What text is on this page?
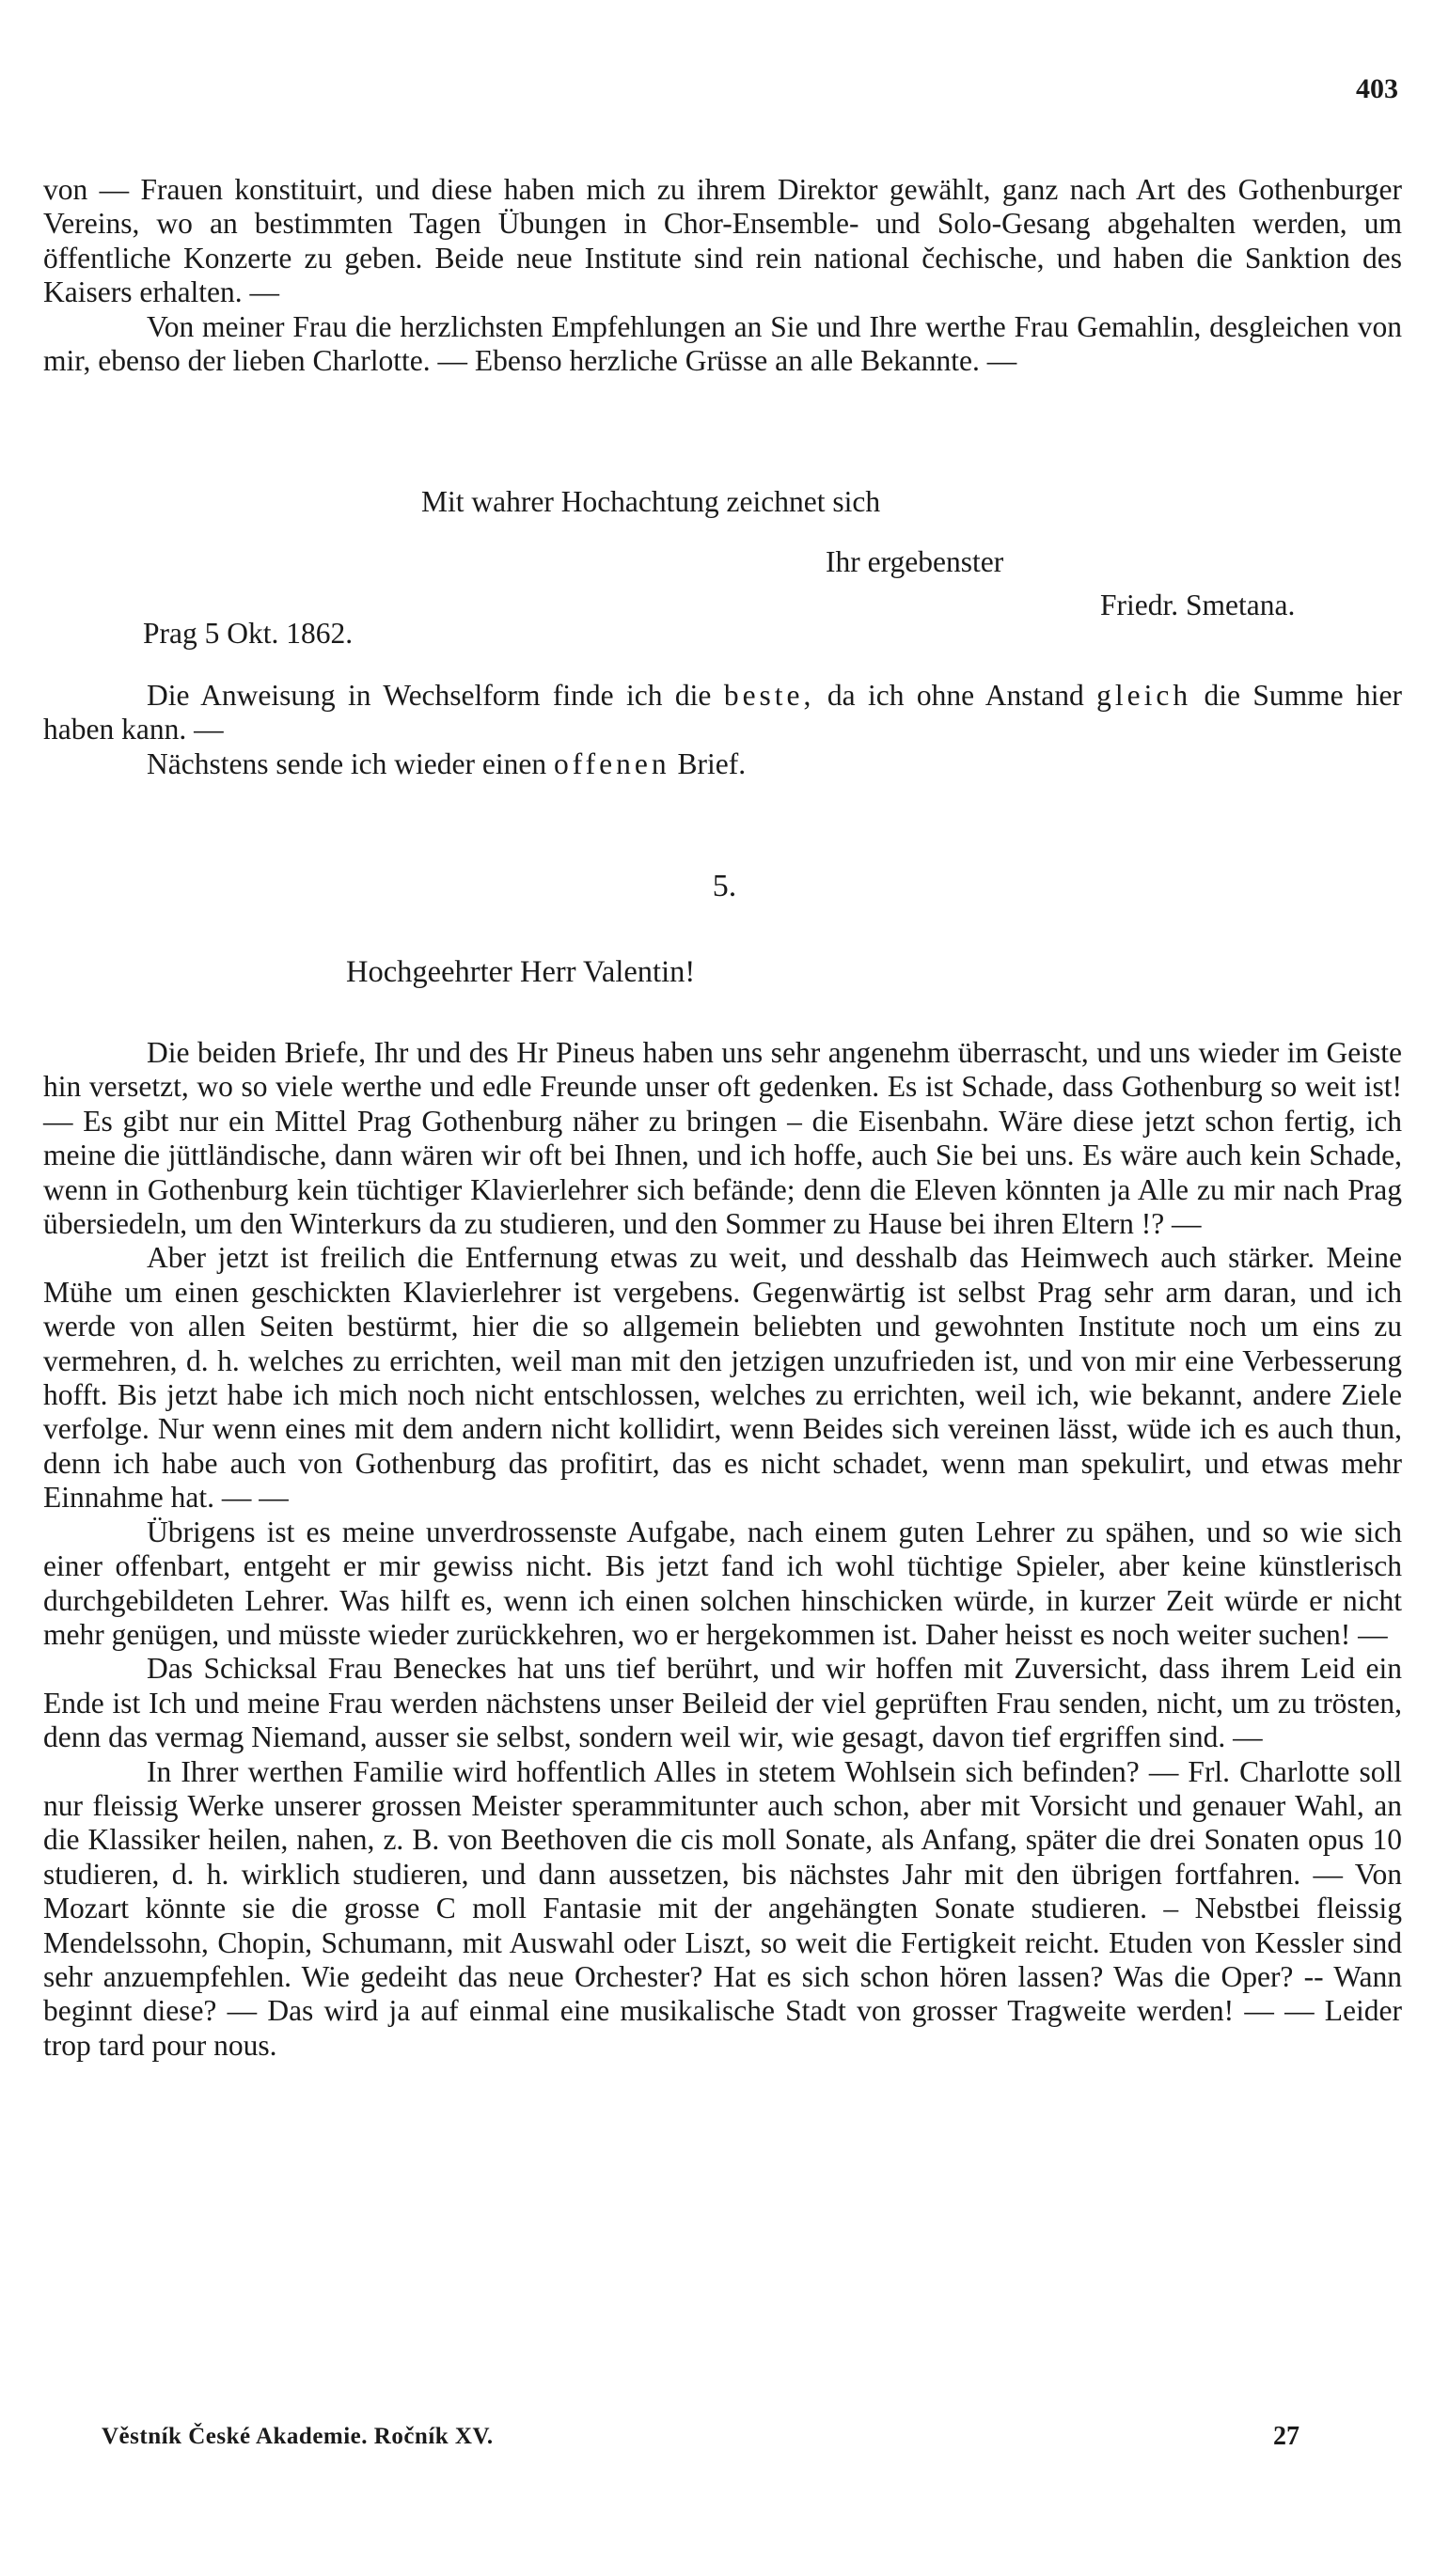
403

von — Frauen konstituirt, und diese haben mich zu ihrem Direktor gewählt, ganz nach Art des Gothenburger Vereins, wo an bestimmten Tagen Übungen in Chor-Ensemble- und Solo-Gesang abgehalten werden, um öffentliche Konzerte zu geben. Beide neue Institute sind rein national čechische, und haben die Sanktion des Kaisers erhalten. —

Von meiner Frau die herzlichsten Empfehlungen an Sie und Ihre werthe Frau Gemahlin, desgleichen von mir, ebenso der lieben Charlotte. — Ebenso herzliche Grüsse an alle Bekannte. —

Mit wahrer Hochachtung zeichnet sich
Ihr ergebenster
Friedr. Smetana.
Prag 5 Okt. 1862.

Die Anweisung in Wechselform finde ich die beste, da ich ohne Anstand gleich die Summe hier haben kann. —

Nächstens sende ich wieder einen offenen Brief.

5.
Hochgeehrter Herr Valentin!

Die beiden Briefe, Ihr und des Hr Pineus haben uns sehr angenehm überrascht, und uns wieder im Geiste hin versetzt, wo so viele werthe und edle Freunde unser oft gedenken. Es ist Schade, dass Gothenburg so weit ist! — Es gibt nur ein Mittel Prag Gothenburg näher zu bringen – die Eisenbahn. Wäre diese jetzt schon fertig, ich meine die jüttländische, dann wären wir oft bei Ihnen, und ich hoffe, auch Sie bei uns. Es wäre auch kein Schade, wenn in Gothenburg kein tüchtiger Klavierlehrer sich befände; denn die Eleven könnten ja Alle zu mir nach Prag übersiedeln, um den Winterkurs da zu studieren, und den Sommer zu Hause bei ihren Eltern !? —

Aber jetzt ist freilich die Entfernung etwas zu weit, und desshalb das Heimwech auch stärker. Meine Mühe um einen geschickten Klavierlehrer ist vergebens. Gegenwärtig ist selbst Prag sehr arm daran, und ich werde von allen Seiten bestürmt, hier die so allgemein beliebten und gewohnten Institute noch um eins zu vermehren, d. h. welches zu errichten, weil man mit den jetzigen unzufrieden ist, und von mir eine Verbesserung hofft. Bis jetzt habe ich mich noch nicht entschlossen, welches zu errichten, weil ich, wie bekannt, andere Ziele verfolge. Nur wenn eines mit dem andern nicht kollidirt, wenn Beides sich vereinen lässt, wüde ich es auch thun, denn ich habe auch von Gothenburg das profitirt, das es nicht schadet, wenn man spekulirt, und etwas mehr Einnahme hat. — —

Übrigens ist es meine unverdrossenste Aufgabe, nach einem guten Lehrer zu spähen, und so wie sich einer offenbart, entgeht er mir gewiss nicht. Bis jetzt fand ich wohl tüchtige Spieler, aber keine künstlerisch durchgebildeten Lehrer. Was hilft es, wenn ich einen solchen hinschicken würde, in kurzer Zeit würde er nicht mehr genügen, und müsste wieder zurückkehren, wo er hergekommen ist. Daher heisst es noch weiter suchen! —

Das Schicksal Frau Beneckes hat uns tief berührt, und wir hoffen mit Zuversicht, dass ihrem Leid ein Ende ist Ich und meine Frau werden nächstens unser Beileid der viel geprüften Frau senden, nicht, um zu trösten, denn das vermag Niemand, ausser sie selbst, sondern weil wir, wie gesagt, davon tief ergriffen sind. —

In Ihrer werthen Familie wird hoffentlich Alles in stetem Wohlsein sich befinden? — Frl. Charlotte soll nur fleissig Werke unserer grossen Meister sperammitunter auch schon, aber mit Vorsicht und genauer Wahl, an die Klassiker heilen, nahen, z. B. von Beethoven die cis moll Sonate, als Anfang, später die drei Sonaten opus 10 studieren, d. h. wirklich studieren, und dann aussetzen, bis nächstes Jahr mit den übrigen fortfahren. — Von Mozart könnte sie die grosse C moll Fantasie mit der angehängten Sonate studieren. – Nebstbei fleissig Mendelssohn, Chopin, Schumann, mit Auswahl oder Liszt, so weit die Fertigkeit reicht. Etuden von Kessler sind sehr anzuempfehlen. Wie gedeiht das neue Orchester? Hat es sich schon hören lassen? Was die Oper? -- Wann beginnt diese? — Das wird ja auf einmal eine musikalische Stadt von grosser Tragweite werden! — — Leider trop tard pour nous.

Věstník České Akademie. Ročník XV.	27
